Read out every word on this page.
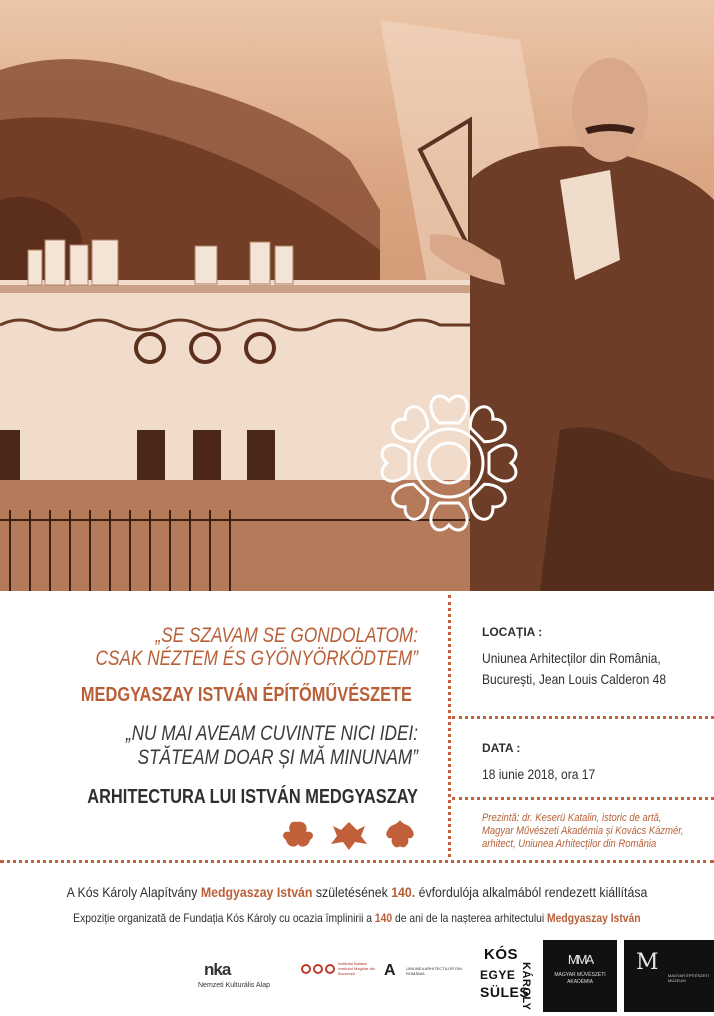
„SE SZAVAM SE GONDOLATOM:
CSAK NÉZTEM ÉS GYÖNYÖRKÖDTEM”
MEDGYASZAY ISTVÁN ÉPÍTŐMŰVÉSZETE
„NU MAI AVEAM CUVINTE NICI IDEI:
STĂTEAM DOAR ȘI MĂ MINUNAM”
ARHITECTURA LUI ISTVÁN MEDGYASZAY
LOCAȚIA :
Uniunea Arhitecților din România,
București, Jean Louis Calderon 48
DATA :
18 iunie 2018, ora 17
Prezintă: dr. Keserü Katalin, istoric de artă,
Magyar Művészeti Akadémia și Kovács Kázmér,
arhitect, Uniunea Arhitecților din România
A Kós Károly Alapítvány Medgyaszay István születésének 140. évfordulója alkalmából rendezett kiállítása
Expoziție organizată de Fundația Kós Károly cu ocazia împlinirii a 140 de ani de la nașterea arhitectului Medgyaszay István
nka
Nemzeti Kulturális Alap
Institutul Balassi Institutul Maghiar din București	A	UNIUNEA ARHITECȚILOR DIN ROMÂNIA
KÓS
KÁROLY
EGYE
SÜLES
MMA
MAGYAR MŰVÉSZETI AKADÉMIA
M
MAGYAR ÉPÍTÉSZETI MÚZEUM
